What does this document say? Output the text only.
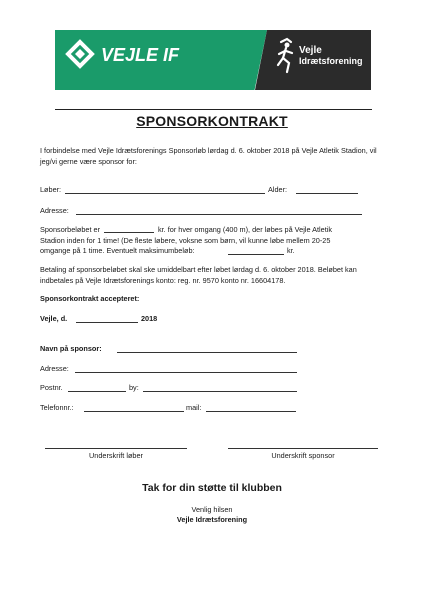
VEJLE IF	Vejle
Idrætsforening
SPONSORKONTRAKT
I forbindelse med Vejle Idrætsforenings Sponsorløb lørdag d. 6. oktober 2018 på Vejle Atletik Stadion, vil jeg/vi gerne være sponsor for:
Løber:	Alder:
Adresse:
Sponsorbeløbet er	kr. for hver omgang (400 m), der løbes på Vejle Atletik
Stadion inden for 1 time! (De fleste løbere, voksne som børn, vil kunne løbe mellem 20-25
omgange på 1 time. Eventuelt maksimumbeløb:	kr.
Betaling af sponsorbeløbet skal ske umiddelbart efter løbet lørdag d. 6. oktober 2018. Beløbet kan indbetales på Vejle Idrætsforenings konto: reg. nr. 9570 konto nr. 16604178.
Sponsorkontrakt accepteret:
Vejle, d.	2018
Navn på sponsor:
Adresse:
Postnr.	by:
Telefonnr.:	mail:
Underskrift løber	Underskrift sponsor
Tak for din støtte til klubben
Venlig hilsen
Vejle Idrætsforening
